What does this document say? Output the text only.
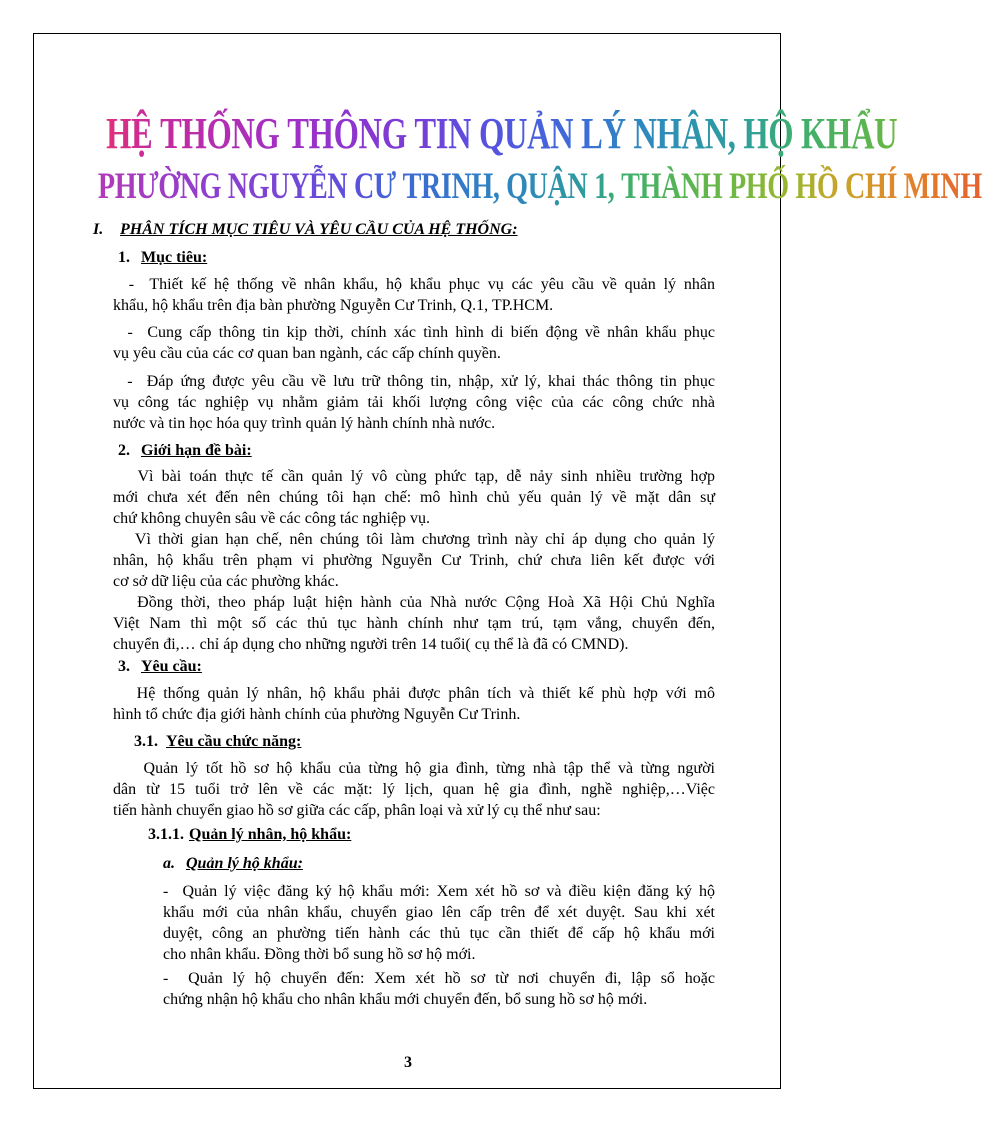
HỆ THỐNG THÔNG TIN QUẢN LÝ NHÂN, HỘ KHẨU
PHƯỜNG NGUYỄN CƯ TRINH, QUẬN 1, THÀNH PHỐ HỒ CHÍ MINH
I. PHÂN TÍCH MỤC TIÊU VÀ YÊU CẦU CỦA HỆ THỐNG:
1. Mục tiêu:
-  Thiết kế hệ thống về nhân khẩu, hộ khẩu phục vụ các yêu cầu về quản lý nhân
khẩu, hộ khẩu trên địa bàn phường Nguyễn Cư Trinh, Q.1, TP.HCM.
-  Cung cấp thông tin kịp thời, chính xác tình hình di biến động về nhân khẩu phục
vụ yêu cầu của các cơ quan ban ngành, các cấp chính quyền.
-  Đáp ứng được yêu cầu về lưu trữ thông tin, nhập, xử lý, khai thác thông tin phục
vụ công tác nghiệp vụ nhằm giảm tải khối lượng công việc của các công chức nhà
nước và tin học hóa quy trình quản lý hành chính nhà nước.
2. Giới hạn đề bài:
Vì bài toán thực tế cần quản lý vô cùng phức tạp, dễ nảy sinh nhiều trường hợp
mới chưa xét đến nên chúng tôi hạn chế: mô hình chủ yếu quản lý về mặt dân sự
chứ không chuyên sâu về các công tác nghiệp vụ.
Vì thời gian hạn chế, nên chúng tôi làm chương trình này chỉ áp dụng cho quản lý
nhân, hộ khẩu trên phạm vi phường Nguyễn Cư Trinh, chứ chưa liên kết được với
cơ sở dữ liệu của các phường khác.
Đồng thời, theo pháp luật hiện hành của Nhà nước Cộng Hoà Xã Hội Chủ Nghĩa
Việt Nam thì một số các thủ tục hành chính như tạm trú, tạm vắng, chuyển đến,
chuyển đi,… chỉ áp dụng cho những người trên 14 tuổi( cụ thể là đã có CMND).
3. Yêu cầu:
Hệ thống quản lý nhân, hộ khẩu phải được phân tích và thiết kế phù hợp với mô
hình tổ chức địa giới hành chính của phường Nguyễn Cư Trinh.
3.1. Yêu cầu chức năng:
Quản lý tốt hồ sơ hộ khẩu của từng hộ gia đình, từng nhà tập thể và từng người
dân từ 15 tuổi trở lên về các mặt: lý lịch, quan hệ gia đình, nghề nghiệp,…Việc
tiến hành chuyển giao hồ sơ giữa các cấp, phân loại và xử lý cụ thể như sau:
3.1.1. Quản lý nhân, hộ khẩu:
a. Quản lý hộ khẩu:
-  Quản lý việc đăng ký hộ khẩu mới: Xem xét hồ sơ và điều kiện đăng ký hộ
khẩu mới của nhân khẩu, chuyển giao lên cấp trên để xét duyệt. Sau khi xét
duyệt, công an phường tiến hành các thủ tục cần thiết để cấp hộ khẩu mới
cho nhân khẩu. Đồng thời bổ sung hồ sơ hộ mới.
-  Quản lý hộ chuyển đến: Xem xét hồ sơ từ nơi chuyển đi, lập sổ hoặc
chứng nhận hộ khẩu cho nhân khẩu mới chuyển đến, bổ sung hồ sơ hộ mới.
3
